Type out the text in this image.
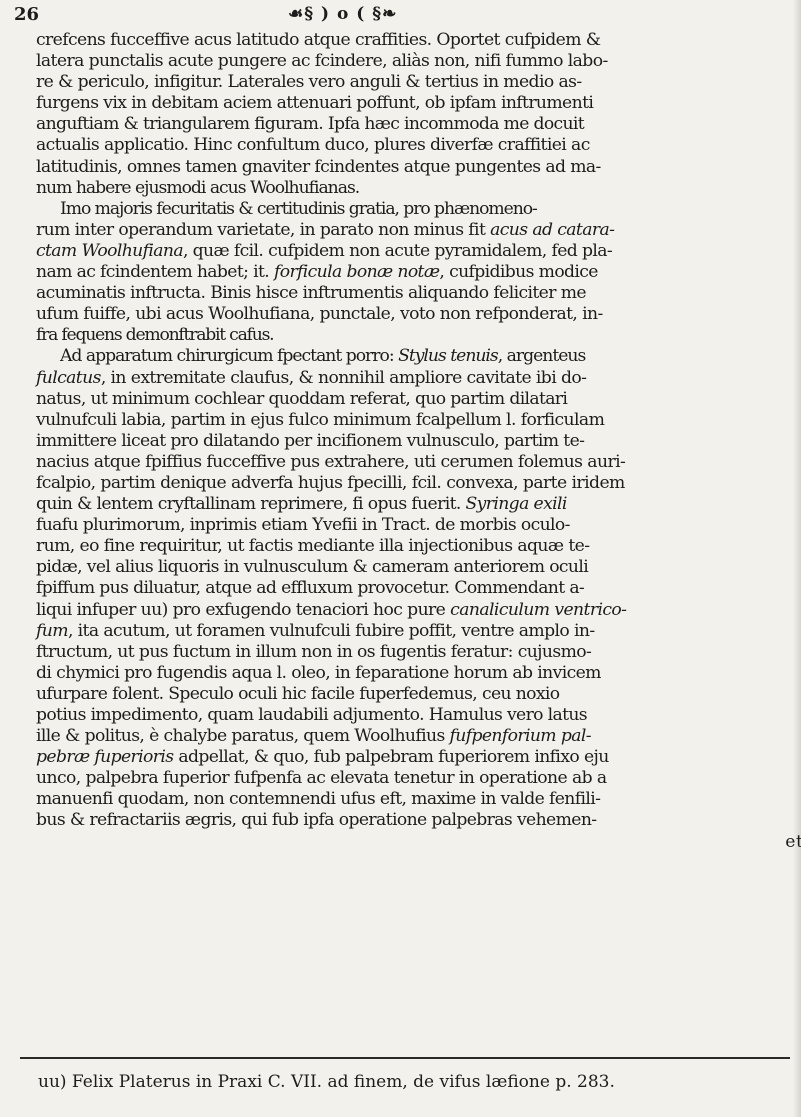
26	☙§ ) o ( §❧
crefcens fucceffive acus latitudo atque craffities. Oportet cufpidem &
latera punctalis acute pungere ac fcindere, aliàs non, nifi fummo labo-
re & periculo, infigitur. Laterales vero anguli & tertius in medio as-
furgens vix in debitam aciem attenuari poffunt, ob ipfam inftrumenti
anguftiam & triangularem figuram. Ipfa hæc incommoda me docuit
actualis applicatio. Hinc confultum duco, plures diverfæ craffitiei ac
latitudinis, omnes tamen gnaviter fcindentes atque pungentes ad ma-
num habere ejusmodi acus Woolhufianas.
Imo majoris fecuritatis & certitudinis gratia, pro phænomeno-
rum inter operandum varietate, in parato non minus fit acus ad catara-
ctam Woolhufiana, quæ fcil. cufpidem non acute pyramidalem, fed pla-
nam ac fcindentem habet; it. forficula bonæ notæ, cufpidibus modice
acuminatis inftructa. Binis hisce inftrumentis aliquando feliciter me
ufum fuiffe, ubi acus Woolhufiana, punctale, voto non refponderat, in-
fra fequens demonftrabit cafus.
Ad apparatum chirurgicum fpectant porro: Stylus tenuis, argenteus
fulcatus, in extremitate claufus, & nonnihil ampliore cavitate ibi do-
natus, ut minimum cochlear quoddam referat, quo partim dilatari
vulnufculi labia, partim in ejus fulco minimum fcalpellum l. forficulam
immittere liceat pro dilatando per incifionem vulnusculo, partim te-
nacius atque fpiffius fucceffive pus extrahere, uti cerumen folemus auri-
fcalpio, partim denique adverfa hujus fpecilli, fcil. convexa, parte iridem
quin & lentem cryftallinam reprimere, fi opus fuerit. Syringa exili
fuafu plurimorum, inprimis etiam Yvefii in Tract. de morbis oculo-
rum, eo fine requiritur, ut factis mediante illa injectionibus aquæ te-
pidæ, vel alius liquoris in vulnusculum & cameram anteriorem oculi
fpiffum pus diluatur, atque ad effluxum provocetur. Commendant a-
liqui infuper uu) pro exfugendo tenaciori hoc pure canaliculum ventrico-
fum, ita acutum, ut foramen vulnufculi fubire poffit, ventre amplo in-
ftructum, ut pus fuctum in illum non in os fugentis feratur: cujusmo-
di chymici pro fugendis aqua l. oleo, in feparatione horum ab invicem
ufurpare folent. Speculo oculi hic facile fuperfedemus, ceu noxio
potius impedimento, quam laudabili adjumento. Hamulus vero latus
ille & politus, è chalybe paratus, quem Woolhufius fufpenforium pal-
pebræ fuperioris adpellat, & quo, fub palpebram fuperiorem infixo eju
unco, palpebra fuperior fufpenfa ac elevata tenetur in operatione ab a
manuenfi quodam, non contemnendi ufus eft, maxime in valde fenfili-
bus & refractariis ægris, qui fub ipfa operatione palpebras vehemen-
uu) Felix Platerus in Praxi C. VII. ad finem, de vifus læfione p. 283.
